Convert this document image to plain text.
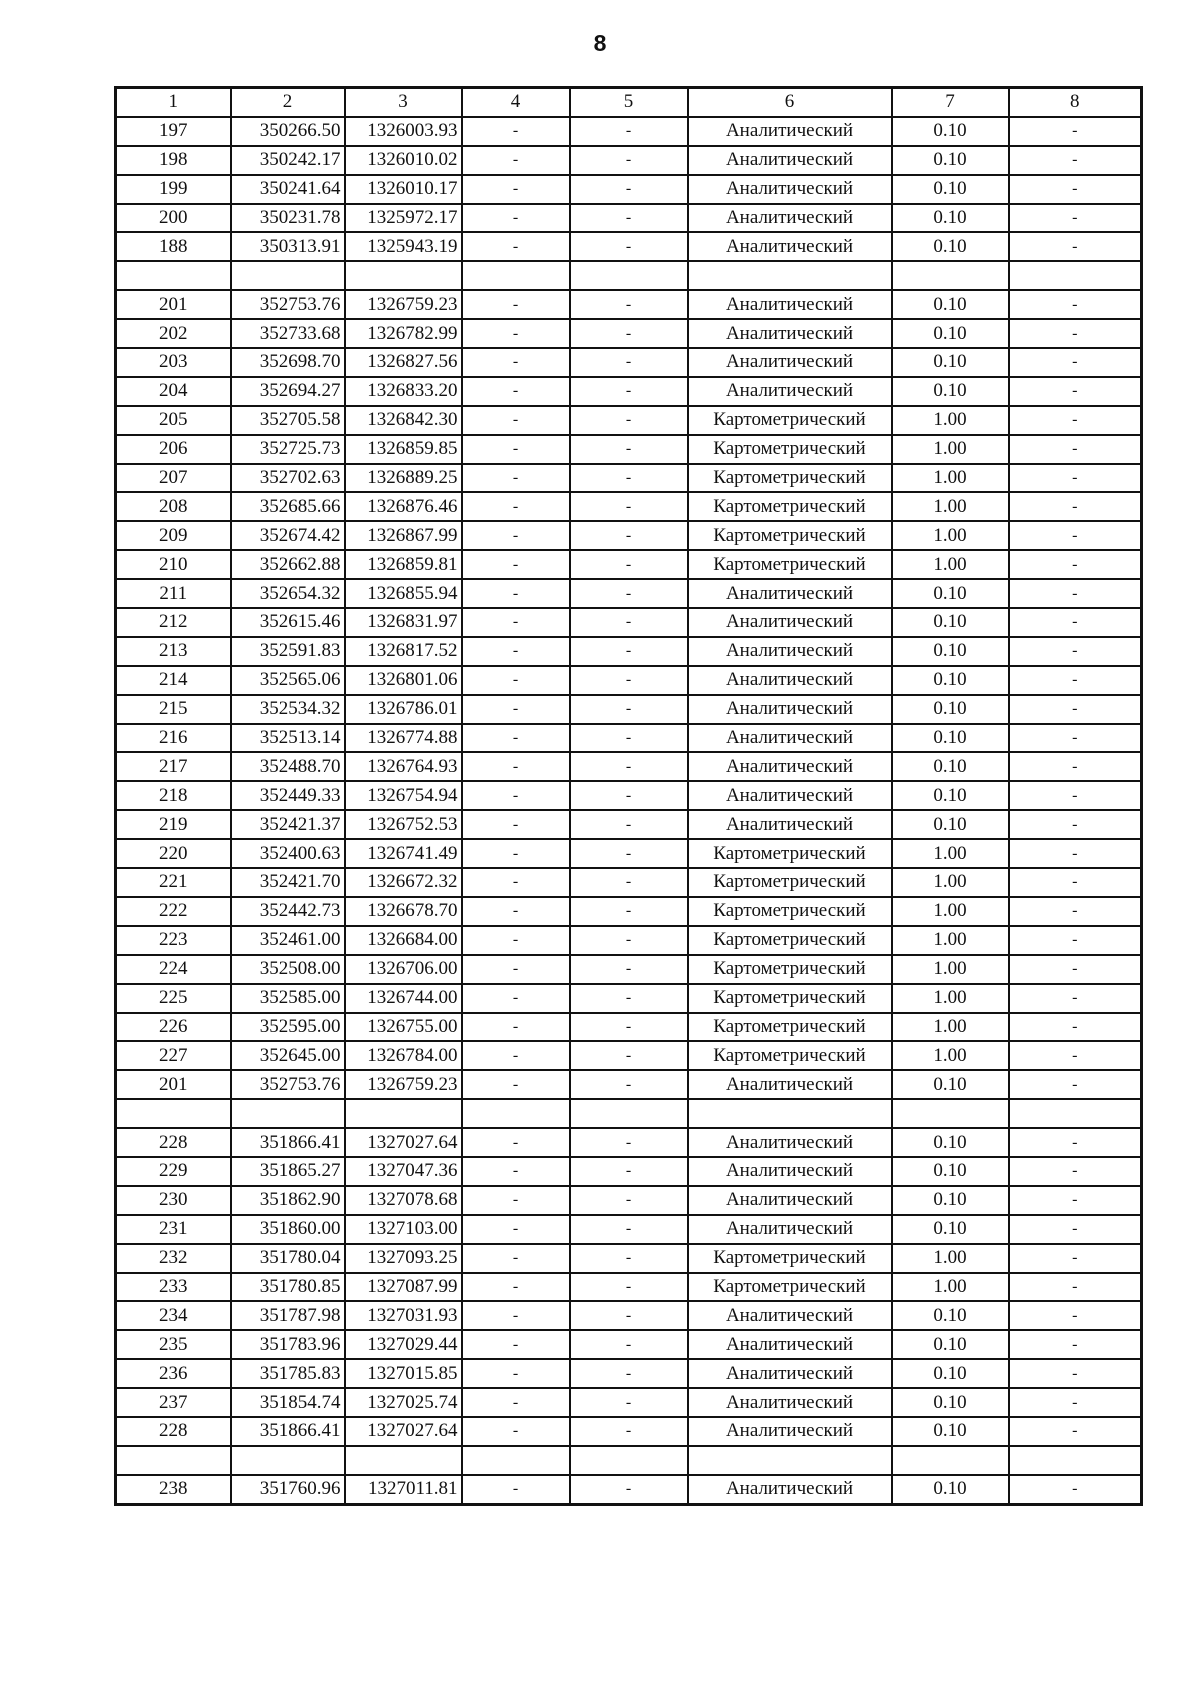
8
1	2	3	4	5	6	7	8
197	350266.50	1326003.93	-	-	Аналитический	0.10	-
198	350242.17	1326010.02	-	-	Аналитический	0.10	-
199	350241.64	1326010.17	-	-	Аналитический	0.10	-
200	350231.78	1325972.17	-	-	Аналитический	0.10	-
188	350313.91	1325943.19	-	-	Аналитический	0.10	-

201	352753.76	1326759.23	-	-	Аналитический	0.10	-
202	352733.68	1326782.99	-	-	Аналитический	0.10	-
203	352698.70	1326827.56	-	-	Аналитический	0.10	-
204	352694.27	1326833.20	-	-	Аналитический	0.10	-
205	352705.58	1326842.30	-	-	Картометрический	1.00	-
206	352725.73	1326859.85	-	-	Картометрический	1.00	-
207	352702.63	1326889.25	-	-	Картометрический	1.00	-
208	352685.66	1326876.46	-	-	Картометрический	1.00	-
209	352674.42	1326867.99	-	-	Картометрический	1.00	-
210	352662.88	1326859.81	-	-	Картометрический	1.00	-
211	352654.32	1326855.94	-	-	Аналитический	0.10	-
212	352615.46	1326831.97	-	-	Аналитический	0.10	-
213	352591.83	1326817.52	-	-	Аналитический	0.10	-
214	352565.06	1326801.06	-	-	Аналитический	0.10	-
215	352534.32	1326786.01	-	-	Аналитический	0.10	-
216	352513.14	1326774.88	-	-	Аналитический	0.10	-
217	352488.70	1326764.93	-	-	Аналитический	0.10	-
218	352449.33	1326754.94	-	-	Аналитический	0.10	-
219	352421.37	1326752.53	-	-	Аналитический	0.10	-
220	352400.63	1326741.49	-	-	Картометрический	1.00	-
221	352421.70	1326672.32	-	-	Картометрический	1.00	-
222	352442.73	1326678.70	-	-	Картометрический	1.00	-
223	352461.00	1326684.00	-	-	Картометрический	1.00	-
224	352508.00	1326706.00	-	-	Картометрический	1.00	-
225	352585.00	1326744.00	-	-	Картометрический	1.00	-
226	352595.00	1326755.00	-	-	Картометрический	1.00	-
227	352645.00	1326784.00	-	-	Картометрический	1.00	-
201	352753.76	1326759.23	-	-	Аналитический	0.10	-

228	351866.41	1327027.64	-	-	Аналитический	0.10	-
229	351865.27	1327047.36	-	-	Аналитический	0.10	-
230	351862.90	1327078.68	-	-	Аналитический	0.10	-
231	351860.00	1327103.00	-	-	Аналитический	0.10	-
232	351780.04	1327093.25	-	-	Картометрический	1.00	-
233	351780.85	1327087.99	-	-	Картометрический	1.00	-
234	351787.98	1327031.93	-	-	Аналитический	0.10	-
235	351783.96	1327029.44	-	-	Аналитический	0.10	-
236	351785.83	1327015.85	-	-	Аналитический	0.10	-
237	351854.74	1327025.74	-	-	Аналитический	0.10	-
228	351866.41	1327027.64	-	-	Аналитический	0.10	-

238	351760.96	1327011.81	-	-	Аналитический	0.10	-
